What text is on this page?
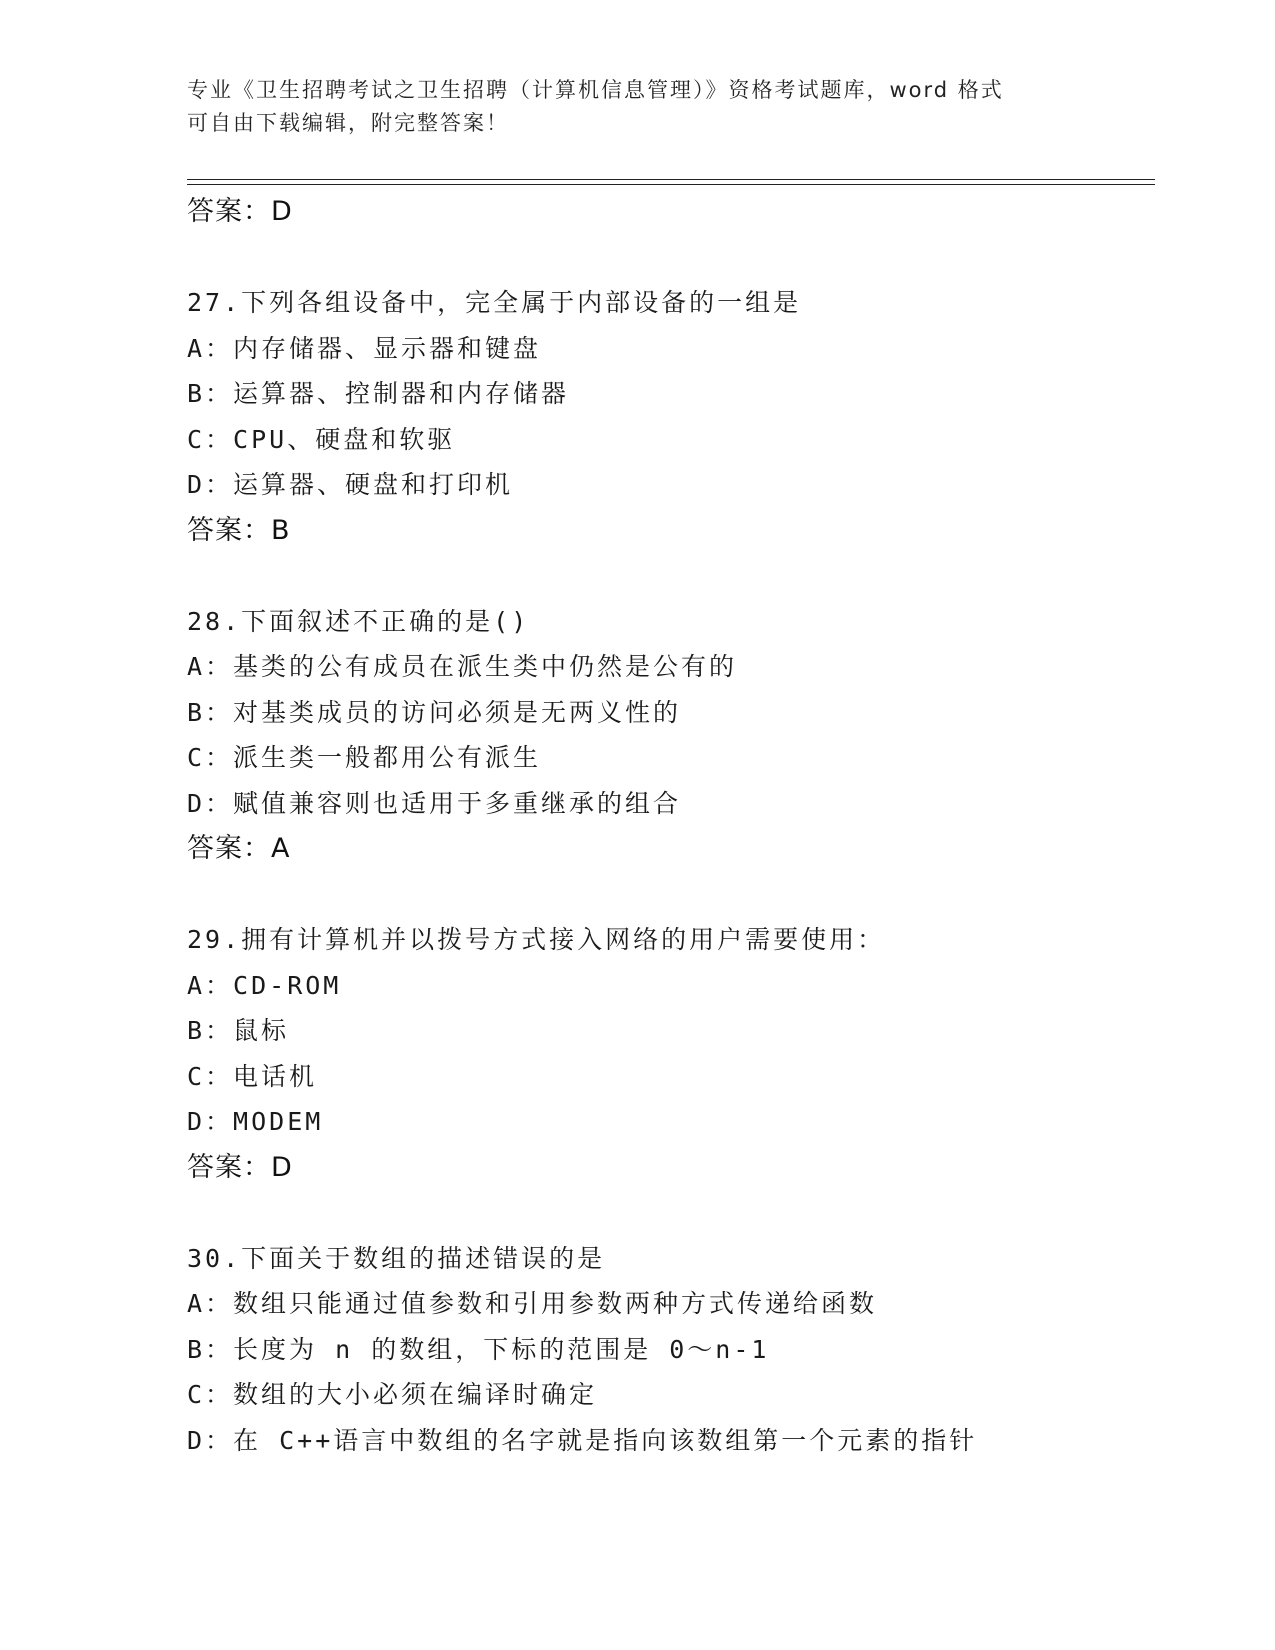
专业《卫生招聘考试之卫生招聘（计算机信息管理）》资格考试题库，word 格式
可自由下载编辑，附完整答案！
答案：D
27.下列各组设备中，完全属于内部设备的一组是
A：内存储器、显示器和键盘
B：运算器、控制器和内存储器
C：CPU、硬盘和软驱
D：运算器、硬盘和打印机
答案：B
28.下面叙述不正确的是()
A：基类的公有成员在派生类中仍然是公有的
B：对基类成员的访问必须是无两义性的
C：派生类一般都用公有派生
D：赋值兼容则也适用于多重继承的组合
答案：A
29.拥有计算机并以拨号方式接入网络的用户需要使用：
A：CD-ROM
B：鼠标
C：电话机
D：MODEM
答案：D
30.下面关于数组的描述错误的是
A：数组只能通过值参数和引用参数两种方式传递给函数
B：长度为 n 的数组，下标的范围是 0～n-1
C：数组的大小必须在编译时确定
D：在 C++语言中数组的名字就是指向该数组第一个元素的指针
